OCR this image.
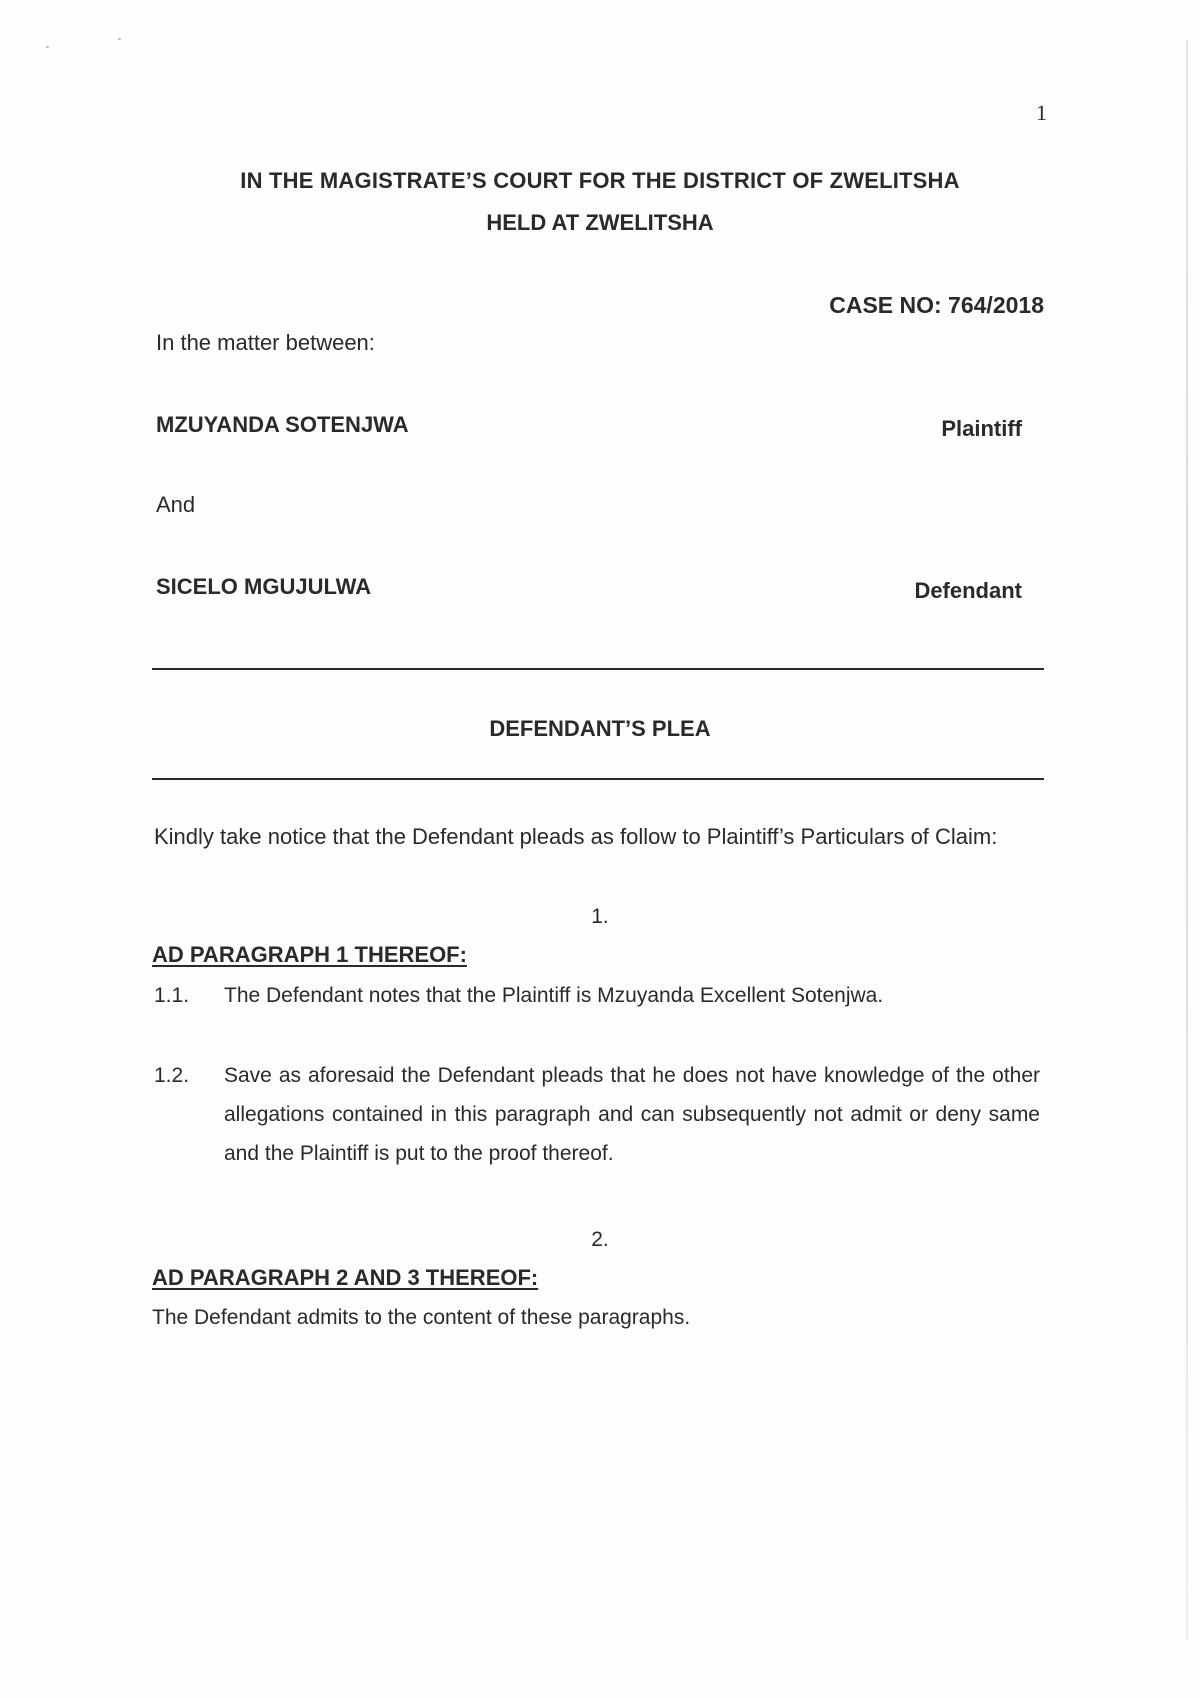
1

IN THE MAGISTRATE’S COURT FOR THE DISTRICT OF ZWELITSHA

HELD AT ZWELITSHA

CASE NO: 764/2018

In the matter between:

MZUYANDA SOTENJWA	Plaintiff

And

SICELO MGUJULWA	Defendant

DEFENDANT’S PLEA

Kindly take notice that the Defendant pleads as follow to Plaintiff’s Particulars of Claim:

1.

AD PARAGRAPH 1 THEREOF:

1.1. The Defendant notes that the Plaintiff is Mzuyanda Excellent Sotenjwa.

1.2. Save as aforesaid the Defendant pleads that he does not have knowledge of the other allegations contained in this paragraph and can subsequently not admit or deny same and the Plaintiff is put to the proof thereof.

2.

AD PARAGRAPH 2 AND 3 THEREOF:

The Defendant admits to the content of these paragraphs.
